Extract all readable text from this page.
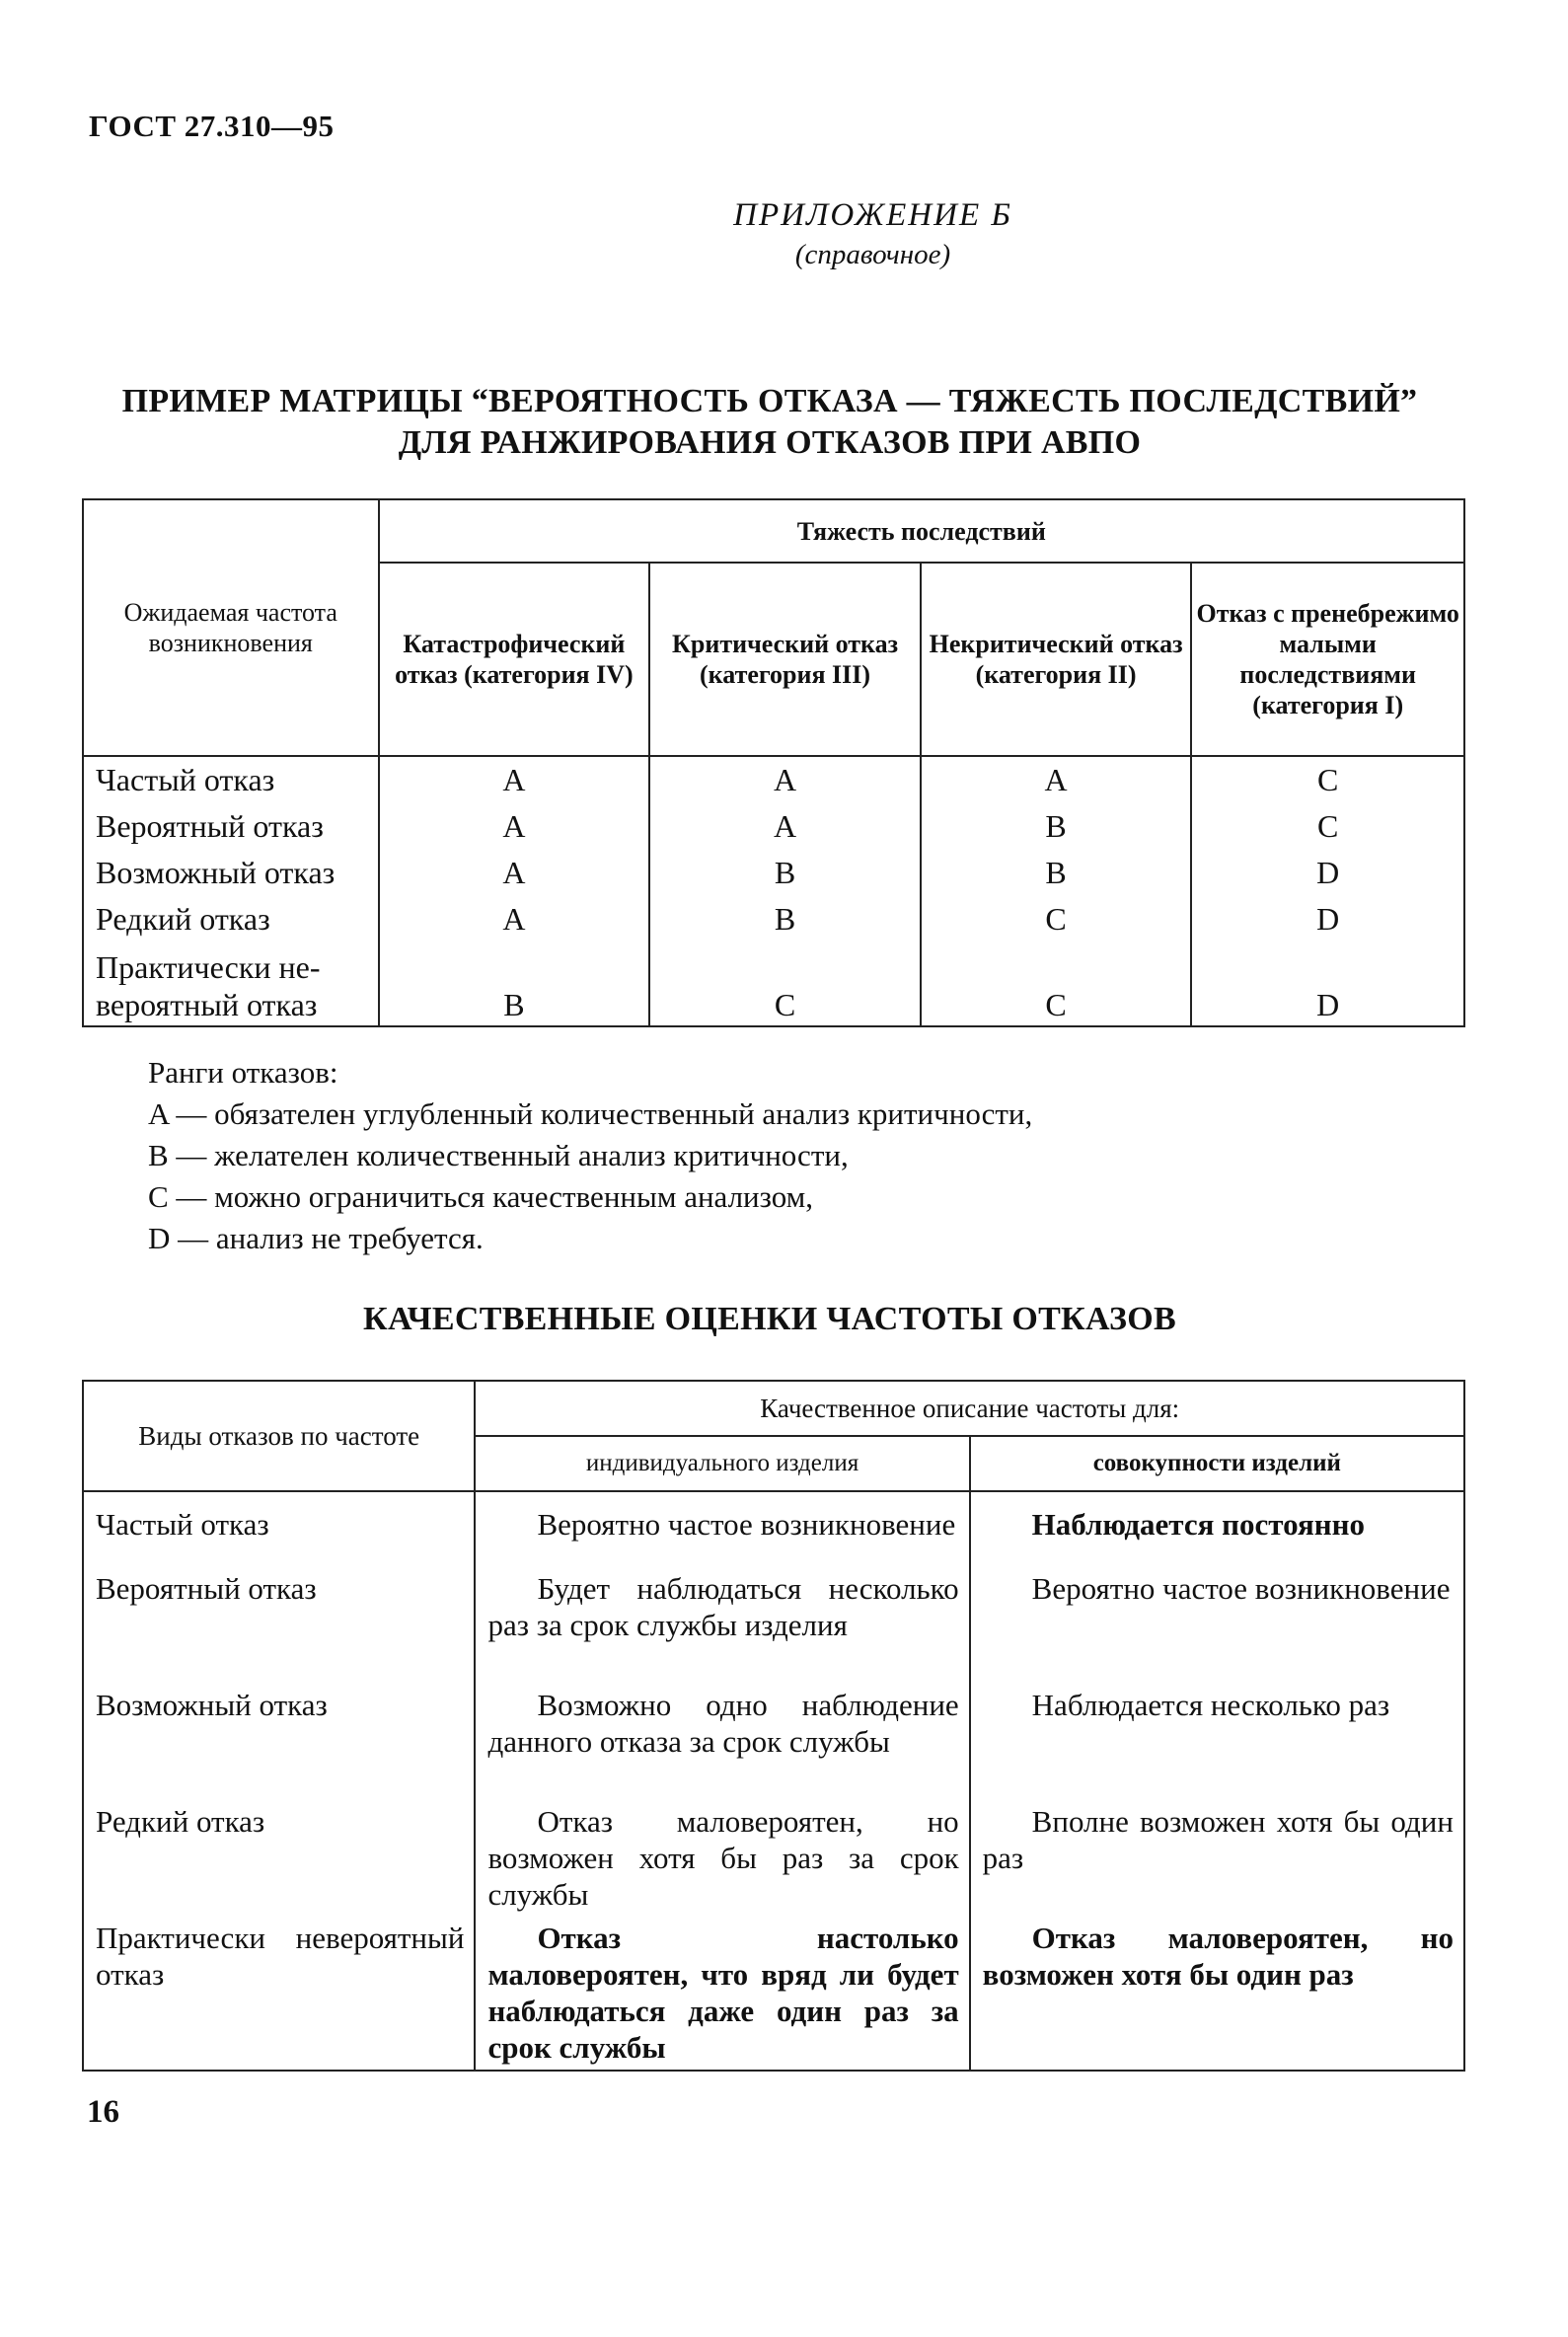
ГОСТ 27.310—95
ПРИЛОЖЕНИЕ Б
(справочное)
ПРИМЕР МАТРИЦЫ “ВЕРОЯТНОСТЬ ОТКАЗА — ТЯЖЕСТЬ ПОСЛЕДСТВИЙ”
ДЛЯ РАНЖИРОВАНИЯ ОТКАЗОВ ПРИ АВПО
Ожидаемая частота возникновения	Тяжесть последствий			
	Катастрофический отказ (категория IV)	Критический отказ (категория III)	Некритический отказ (категория II)	Отказ с пренебрежимо малыми последствиями (категория I)
Частый отказ	A	A	A	C
Вероятный отказ	A	A	B	C
Возможный отказ	A	B	B	D
Редкий отказ	A	B	C	D
Практически не-вероятный отказ	B	C	C	D
Ранги отказов:
A — обязателен углубленный количественный анализ критичности,
B — желателен количественный анализ критичности,
C — можно ограничиться качественным анализом,
D — анализ не требуется.
КАЧЕСТВЕННЫЕ ОЦЕНКИ ЧАСТОТЫ ОТКАЗОВ
Виды отказов по частоте	Качественное описание частоты для:	
	индивидуального изделия	совокупности изделий
Частый отказ	Вероятно частое возникновение	Наблюдается постоянно
Вероятный отказ	Будет наблюдаться несколько раз за срок службы изделия	Вероятно частое возникновение
Возможный отказ	Возможно одно наблюдение данного отказа за срок службы	Наблюдается несколько раз
Редкий отказ	Отказ маловероятен, но возможен хотя бы раз за срок службы	Вполне возможен хотя бы один раз
Практически невероятный отказ	Отказ настолько маловероятен, что вряд ли будет наблюдаться даже один раз за срок службы	Отказ маловероятен, но возможен хотя бы один раз
16
